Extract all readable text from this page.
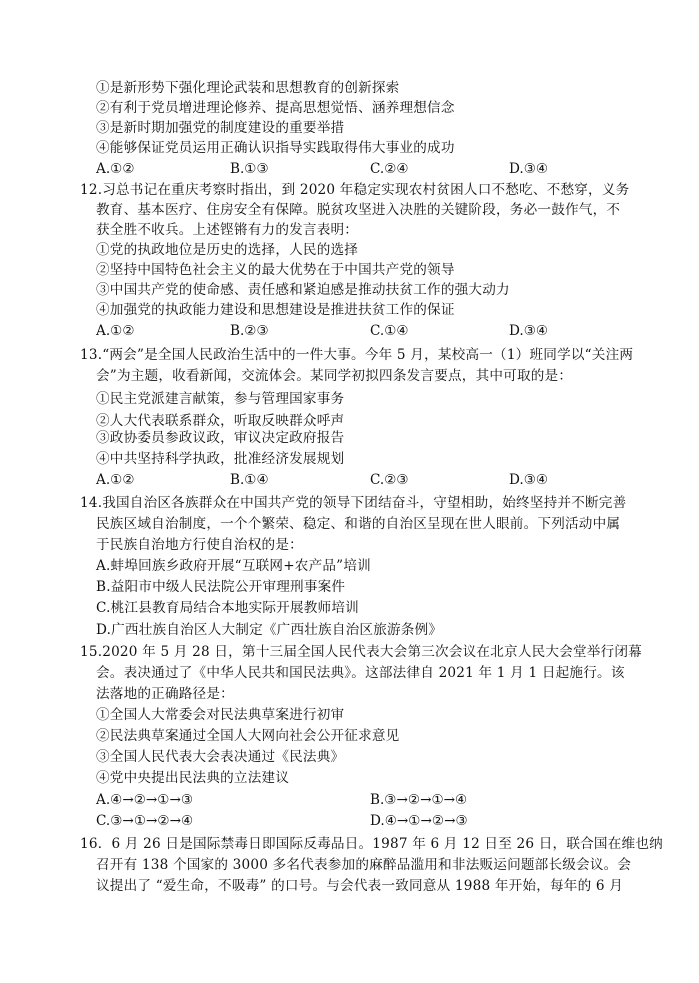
①是新形势下强化理论武装和思想教育的创新探索
②有利于党员增进理论修养、提高思想觉悟、涵养理想信念
③是新时期加强党的制度建设的重要举措
④能够保证党员运用正确认识指导实践取得伟大事业的成功
A.①②	B.①③	C.②④	D.③④
12.习总书记在重庆考察时指出，到 2020 年稳定实现农村贫困人口不愁吃、不愁穿，义务
教育、基本医疗、住房安全有保障。脱贫攻坚进入决胜的关键阶段，务必一鼓作气，不
获全胜不收兵。上述铿锵有力的发言表明：
①党的执政地位是历史的选择，人民的选择
②坚持中国特色社会主义的最大优势在于中国共产党的领导
③中国共产党的使命感、责任感和紧迫感是推动扶贫工作的强大动力
④加强党的执政能力建设和思想建设是推进扶贫工作的保证
A.①②	B.②③	C.①④	D.③④
13.“两会”是全国人民政治生活中的一件大事。今年 5 月，某校高一（1）班同学以“关注两
会”为主题，收看新闻，交流体会。某同学初拟四条发言要点，其中可取的是：
①民主党派建言献策，参与管理国家事务
②人大代表联系群众，听取反映群众呼声
③政协委员参政议政，审议决定政府报告
④中共坚持科学执政，批准经济发展规划
A.①②	B.①④	C.②③	D.③④
14.我国自治区各族群众在中国共产党的领导下团结奋斗，守望相助，始终坚持并不断完善
民族区域自治制度，一个个繁荣、稳定、和谐的自治区呈现在世人眼前。下列活动中属
于民族自治地方行使自治权的是：
A.蚌埠回族乡政府开展“互联网+农产品”培训
B.益阳市中级人民法院公开审理刑事案件
C.桃江县教育局结合本地实际开展教师培训
D.广西壮族自治区人大制定《广西壮族自治区旅游条例》
15.2020 年 5 月 28 日，第十三届全国人民代表大会第三次会议在北京人民大会堂举行闭幕
会。表决通过了《中华人民共和国民法典》。这部法律自 2021 年 1 月 1 日起施行。该
法落地的正确路径是：
①全国人大常委会对民法典草案进行初审
②民法典草案通过全国人大网向社会公开征求意见
③全国人民代表大会表决通过《民法典》
④党中央提出民法典的立法建议
A.④→②→①→③	B.③→②→①→④
C.③→①→②→④	D.④→①→②→③
16．6 月 26 日是国际禁毒日即国际反毒品日。1987 年 6 月 12 日至 26 日，联合国在维也纳
召开有 138 个国家的 3000 多名代表参加的麻醉品滥用和非法贩运问题部长级会议。会
议提出了 “爱生命，不吸毒” 的口号。与会代表一致同意从 1988 年开始，每年的 6 月
